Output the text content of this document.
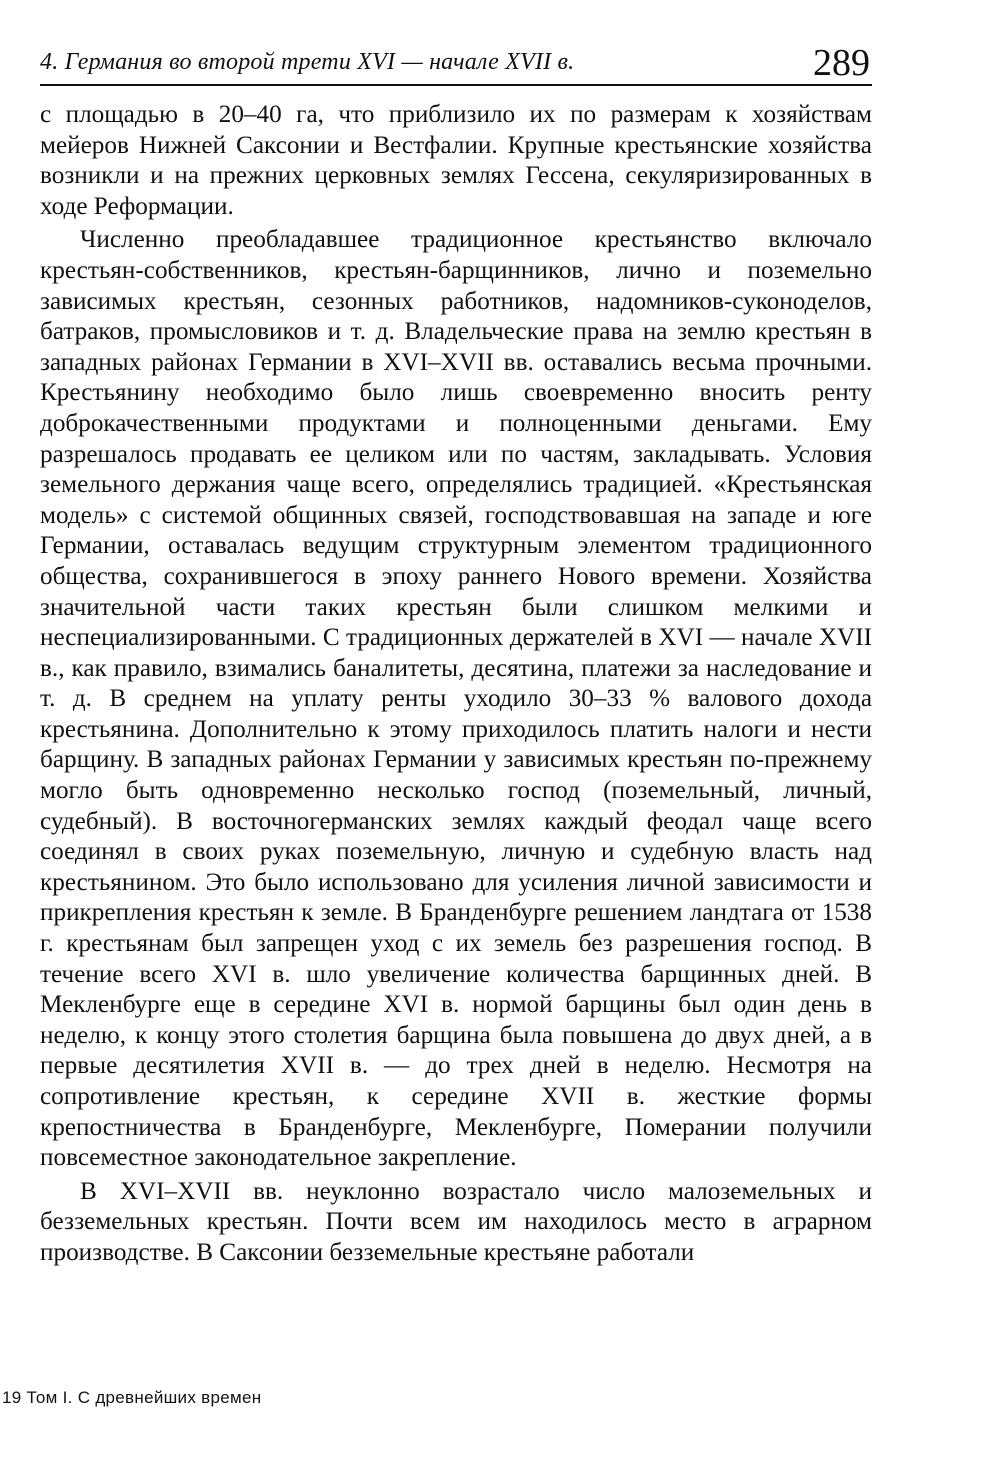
4. Германия во второй трети XVI — начале XVII в.	289

с площадью в 20–40 га, что приблизило их по размерам к хозяйствам мейеров Нижней Саксонии и Вестфалии. Крупные крестьянские хозяйства возникли и на прежних церковных землях Гессена, секуляризированных в ходе Реформации.

Численно преобладавшее традиционное крестьянство включало крестьян-собственников, крестьян-барщинников, лично и поземельно зависимых крестьян, сезонных работников, надомников-суконоделов, батраков, промысловиков и т. д. Владельческие права на землю крестьян в западных районах Германии в XVI–XVII вв. оставались весьма прочными. Крестьянину необходимо было лишь своевременно вносить ренту доброкачественными продуктами и полноценными деньгами. Ему разрешалось продавать ее целиком или по частям, закладывать. Условия земельного держания чаще всего, определялись традицией. «Крестьянская модель» с системой общинных связей, господствовавшая на западе и юге Германии, оставалась ведущим структурным элементом традиционного общества, сохранившегося в эпоху раннего Нового времени. Хозяйства значительной части таких крестьян были слишком мелкими и неспециализированными. С традиционных держателей в XVI — начале XVII в., как правило, взимались баналитеты, десятина, платежи за наследование и т. д. В среднем на уплату ренты уходило 30–33 % валового дохода крестьянина. Дополнительно к этому приходилось платить налоги и нести барщину. В западных районах Германии у зависимых крестьян по-прежнему могло быть одновременно несколько господ (поземельный, личный, судебный). В восточногерманских землях каждый феодал чаще всего соединял в своих руках поземельную, личную и судебную власть над крестьянином. Это было использовано для усиления личной зависимости и прикрепления крестьян к земле. В Бранденбурге решением ландтага от 1538 г. крестьянам был запрещен уход с их земель без разрешения господ. В течение всего XVI в. шло увеличение количества барщинных дней. В Мекленбурге еще в середине XVI в. нормой барщины был один день в неделю, к концу этого столетия барщина была повышена до двух дней, а в первые десятилетия XVII в. — до трех дней в неделю. Несмотря на сопротивление крестьян, к середине XVII в. жесткие формы крепостничества в Бранденбурге, Мекленбурге, Померании получили повсеместное законодательное закрепление.

В XVI–XVII вв. неуклонно возрастало число малоземельных и безземельных крестьян. Почти всем им находилось место в аграрном производстве. В Саксонии безземельные крестьяне работали

19 Том I. С древнейших времен
